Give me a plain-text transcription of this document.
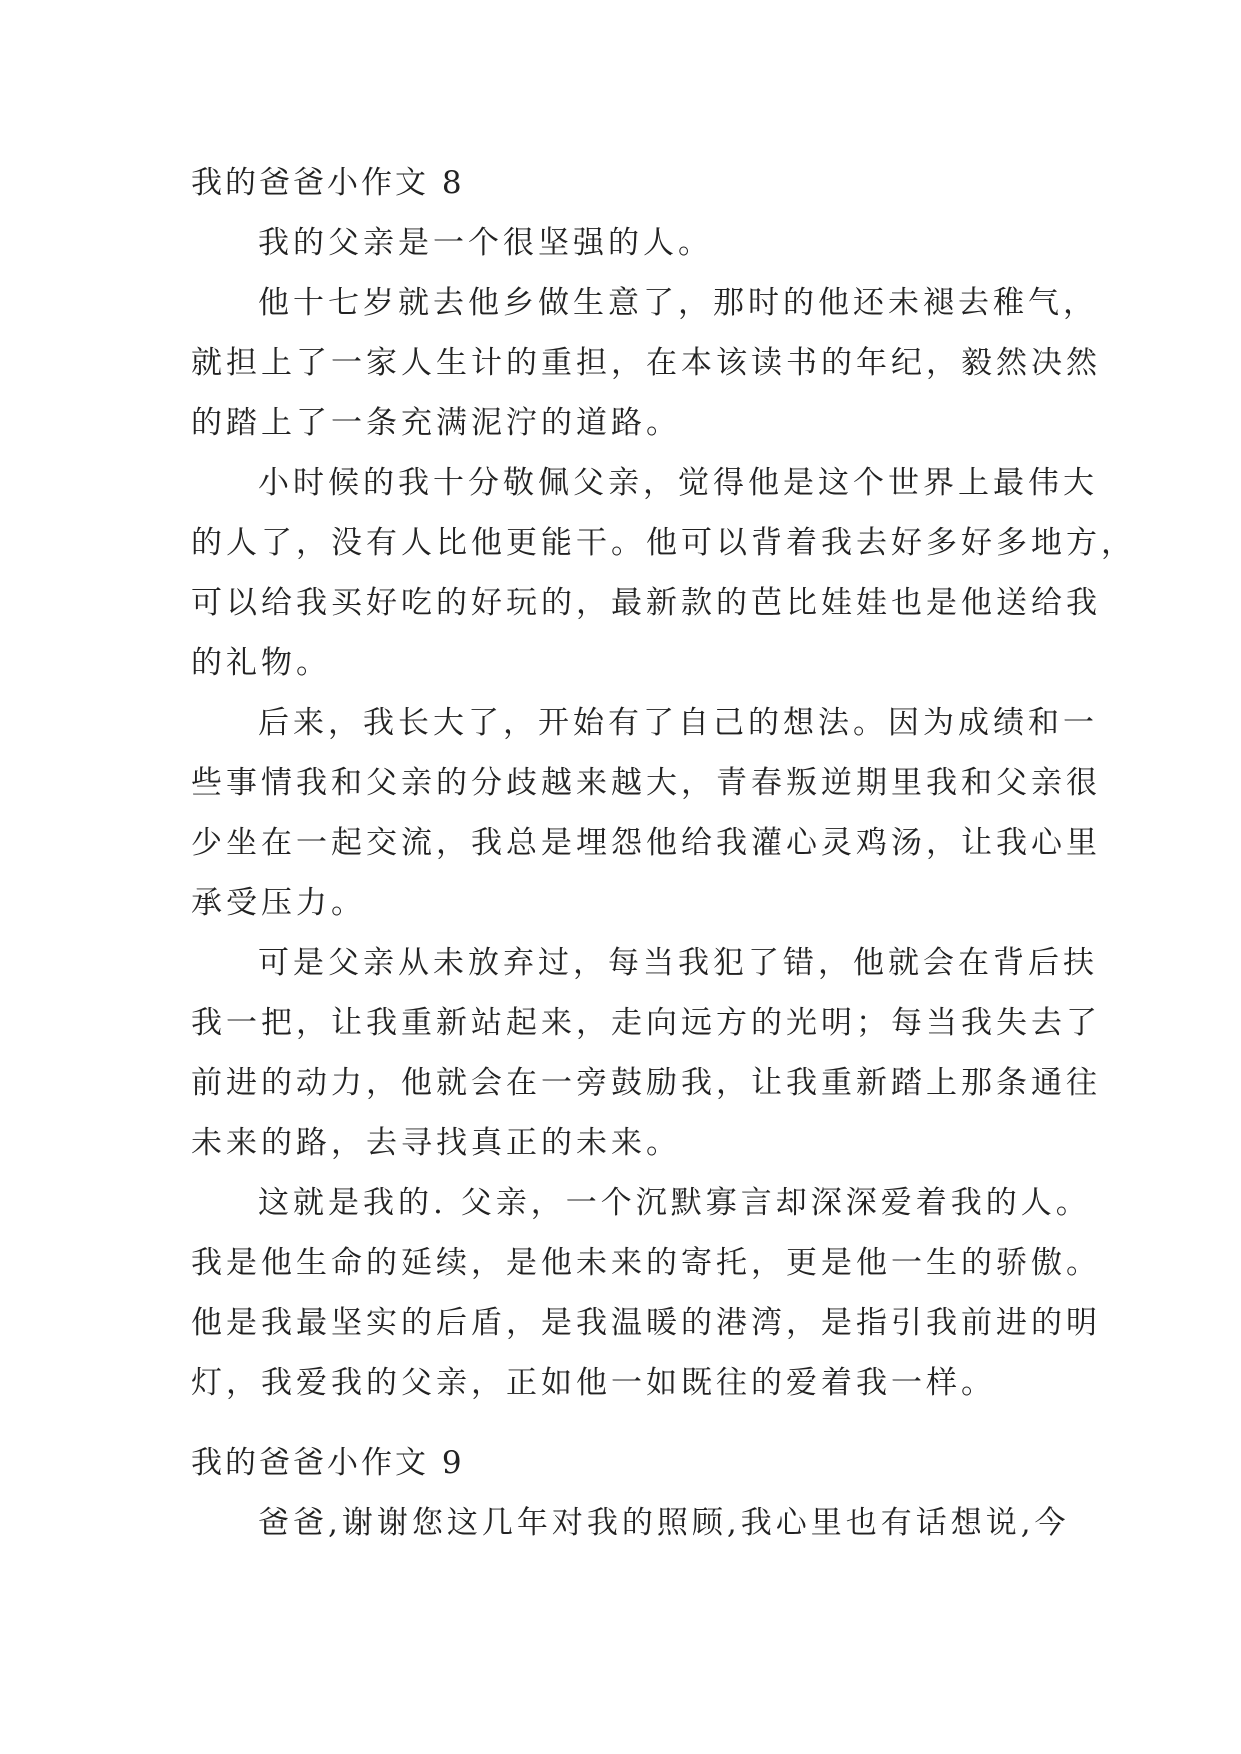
我的爸爸小作文 8
我的父亲是一个很坚强的人。
他十七岁就去他乡做生意了，那时的他还未褪去稚气，
就担上了一家人生计的重担，在本该读书的年纪，毅然决然
的踏上了一条充满泥泞的道路。
小时候的我十分敬佩父亲，觉得他是这个世界上最伟大
的人了，没有人比他更能干。他可以背着我去好多好多地方，
可以给我买好吃的好玩的，最新款的芭比娃娃也是他送给我
的礼物。
后来，我长大了，开始有了自己的想法。因为成绩和一
些事情我和父亲的分歧越来越大，青春叛逆期里我和父亲很
少坐在一起交流，我总是埋怨他给我灌心灵鸡汤，让我心里
承受压力。
可是父亲从未放弃过，每当我犯了错，他就会在背后扶
我一把，让我重新站起来，走向远方的光明；每当我失去了
前进的动力，他就会在一旁鼓励我，让我重新踏上那条通往
未来的路，去寻找真正的未来。
这就是我的. 父亲，一个沉默寡言却深深爱着我的人。
我是他生命的延续，是他未来的寄托，更是他一生的骄傲。
他是我最坚实的后盾，是我温暖的港湾，是指引我前进的明
灯，我爱我的父亲，正如他一如既往的爱着我一样。
我的爸爸小作文 9
爸爸,谢谢您这几年对我的照顾,我心里也有话想说,今
